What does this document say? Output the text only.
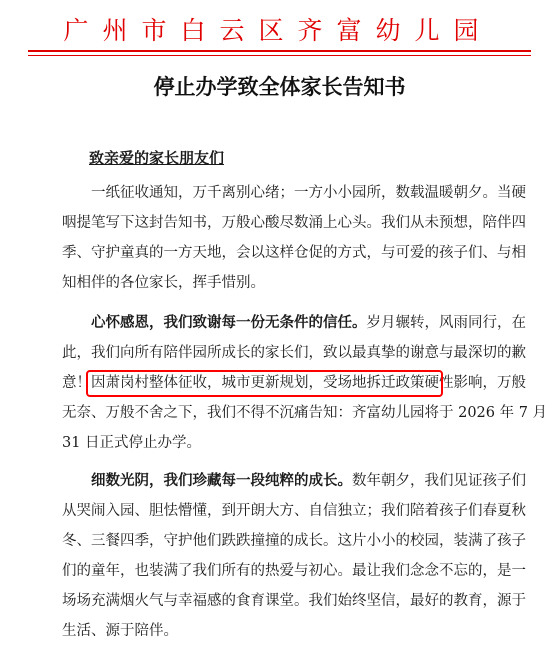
广州市白云区齐富幼儿园
停止办学致全体家长告知书
致亲爱的家长朋友们
一纸征收通知，万千离别心绪；一方小小园所，数载温暖朝夕。当硬
咽提笔写下这封告知书，万般心酸尽数涌上心头。我们从未预想，陪伴四
季、守护童真的一方天地，会以这样仓促的方式，与可爱的孩子们、与相
知相伴的各位家长，挥手惜别。
心怀感恩，我们致谢每一份无条件的信任。岁月辗转，风雨同行，在
此，我们向所有陪伴园所成长的家长们，致以最真挚的谢意与最深切的歉
意！因萧岗村整体征收，城市更新规划，受场地拆迁政策硬性影响，万般
无奈、万般不舍之下，我们不得不沉痛告知：齐富幼儿园将于 2026 年 7 月
31 日正式停止办学。
细数光阴，我们珍藏每一段纯粹的成长。数年朝夕，我们见证孩子们
从哭闹入园、胆怯懵懂，到开朗大方、自信独立；我们陪着孩子们春夏秋
冬、三餐四季，守护他们跌跌撞撞的成长。这片小小的校园，装满了孩子
们的童年，也装满了我们所有的热爱与初心。最让我们念念不忘的，是一
场场充满烟火气与幸福感的食育课堂。我们始终坚信，最好的教育，源于
生活、源于陪伴。
